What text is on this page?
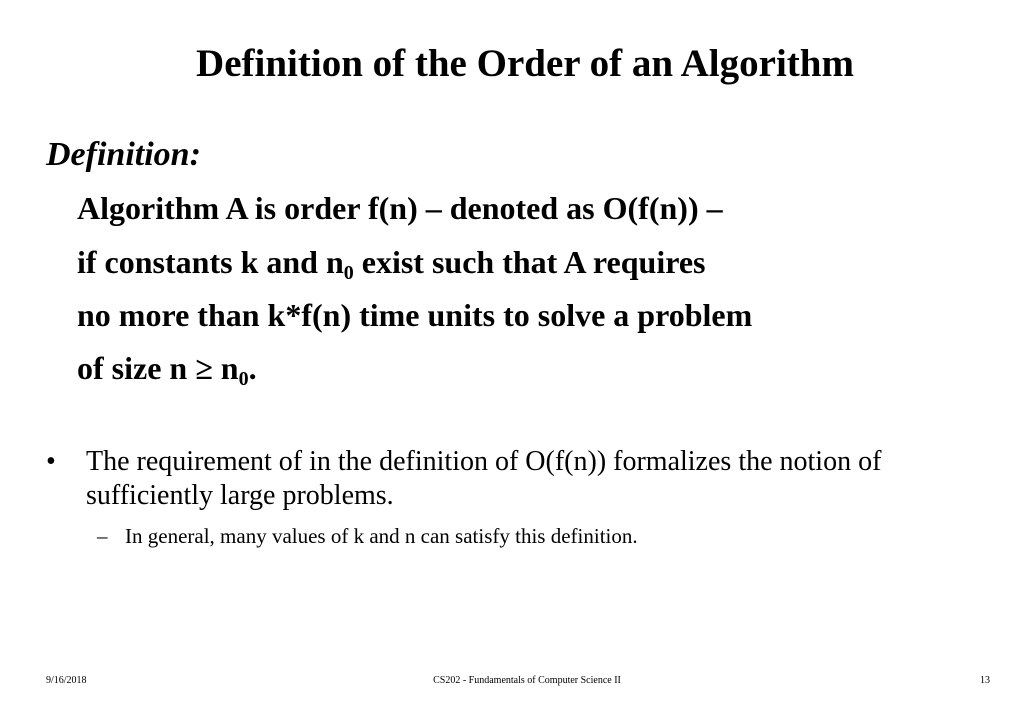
Definition of the Order of an Algorithm
Definition:
Algorithm A is order f(n) – denoted as O(f(n)) –
if constants k and $n_0$ exist such that A requires
no more than k*f(n) time units to solve a problem
of size $n \ge n_0$.
•	The requirement of in the definition of O(f(n)) formalizes the notion of sufficiently large problems.
– In general, many values of k and n can satisfy this definition.
9/16/2018	CS202 - Fundamentals of Computer Science II	13
